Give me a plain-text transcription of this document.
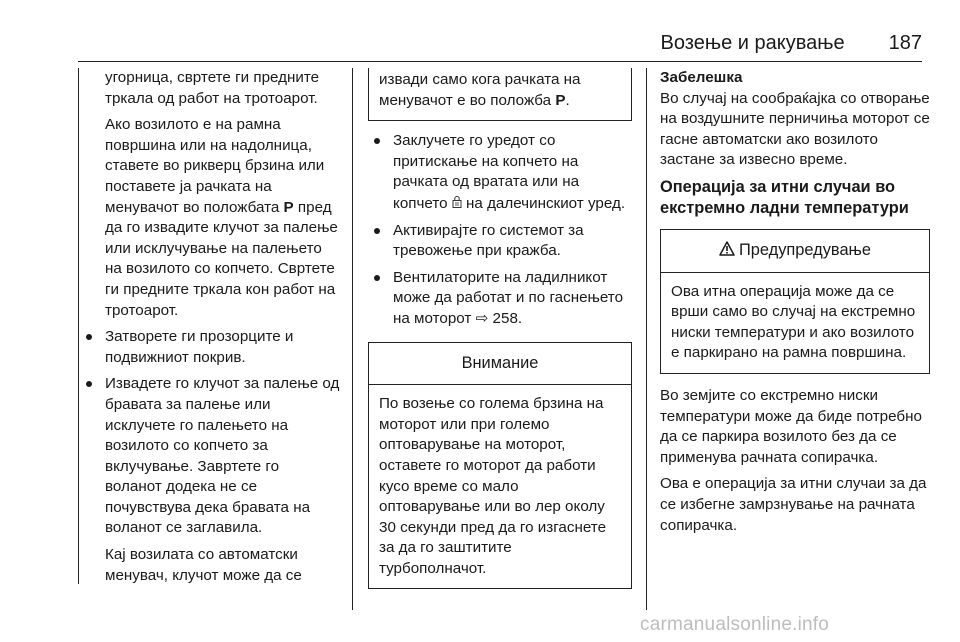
Возење и ракување 187

угорница, свртете ги предните тркала од работ на тротоарот.

Ако возилото е на рамна површина или на надолница, ставете во рикверц брзина или поставете ја рачката на менувачот во положбата P пред да го извадите клучот за палење или исклучување на палењето на возилото со копчето. Свртете ги предните тркала кон работ на тротоарот.

Затворете ги прозорците и подвижниот покрив.

Извадете го клучот за палење од бравата за палење или исклучете го палењето на возилото со копчето за вклучување. Завртете го воланот додека не се почувствува дека бравата на воланот се заглавила.

Кај возилата со автоматски менувач, клучот може да се

извади само кога рачката на менувачот е во положба P.

Заклучете го уредот со притискање на копчето на рачката од вратата или на копчето  на далечинскиот уред.

Активирајте го системот за тревожење при кражба.

Вентилаторите на ладилникот може да работат и по гаснењето на моторот ⇨ 258.

Внимание
По возење со голема брзина на моторот или при големо оптоварување на моторот, оставете го моторот да работи кусо време со мало оптоварување или во лер околу 30 секунди пред да го изгаснете за да го заштитите турбополначот.

Забелешка

Во случај на сообраќајка со отворање на воздушните перничиња моторот се гасне автоматски ако возилото застане за извесно време.

Операција за итни случаи во екстремно ладни температури
Предупредување
Ова итна операција може да се врши само во случај на екстремно ниски температури и ако возилото е паркирано на рамна површина.

Во земјите со екстремно ниски температури може да биде потребно да се паркира возилото без да се применува рачната сопирачка.

Ова е операција за итни случаи за да се избегне замрзнување на рачната сопирачка.

carmanualsonline.info
